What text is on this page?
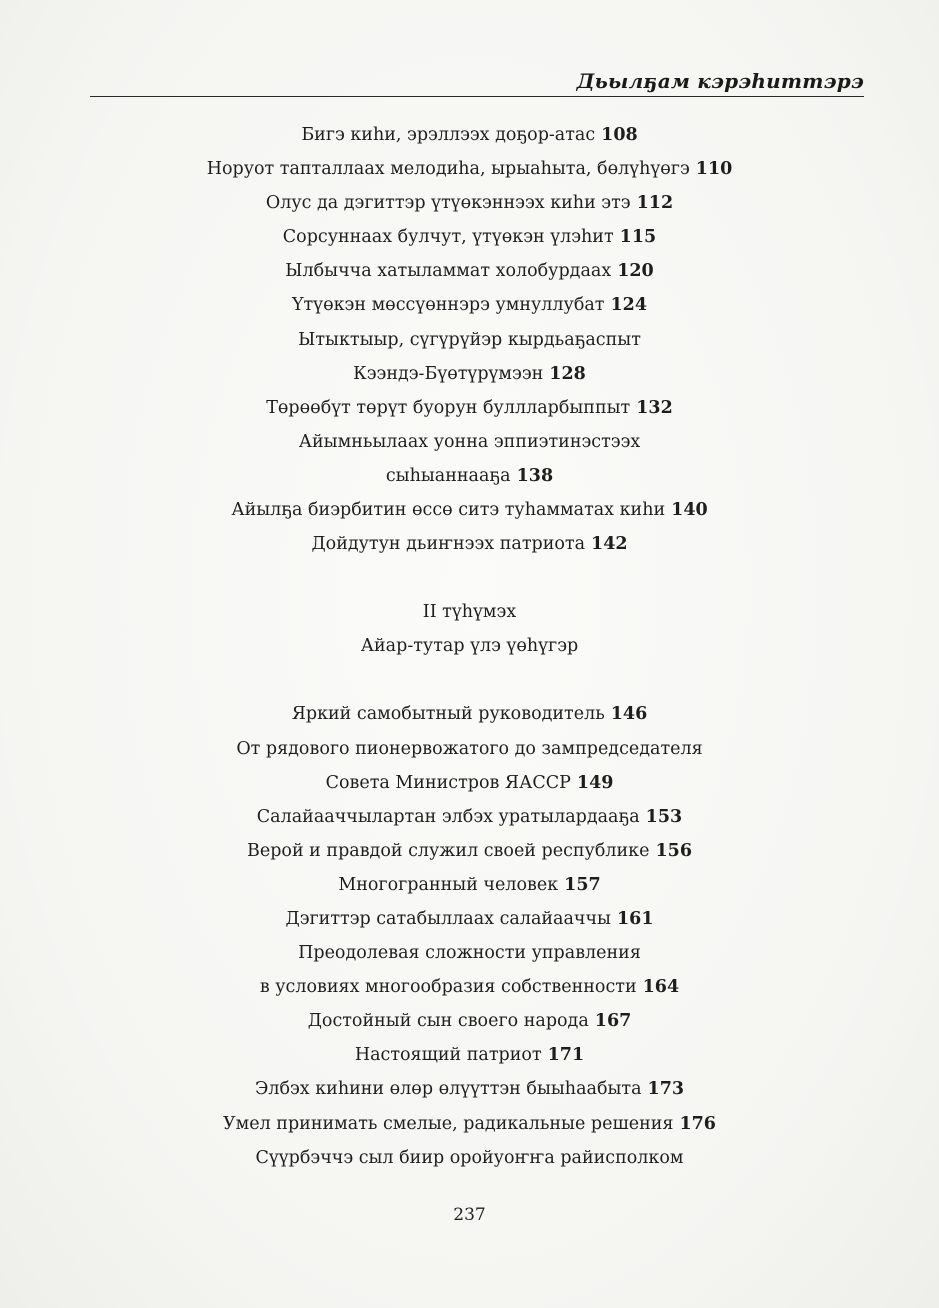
Дьылҕам кэрэһиттэрэ
Бигэ киһи, эрэллээх доҕор-атас 108
Норуот тапталлаах мелодиһа, ырыаһыта, бөлүһүөгэ 110
Олус да дэгиттэр үтүөкэннээх киһи этэ 112
Сорсуннаах булчут, үтүөкэн үлэһит 115
Ылбычча хатыламмат холобурдаах 120
Үтүөкэн мөссүөннэрэ умнуллубат 124
Ытыктыыр, сүгүрүйэр кырдьаҕаспыт
Кээндэ-Бүөтүрүмээн 128
Төрөөбүт төрүт буорун буллларбыппыт 132
Айымньылаах уонна эппиэтинэстээх
сыһыаннааҕа 138
Айылҕа биэрбитин өссө ситэ туһамматах киһи 140
Дойдутун дьиҥнээх патриота 142
II түһүмэх
Айар-тутар үлэ үөһүгэр
Яркий самобытный руководитель 146
От рядового пионервожатого до зампредседателя
Совета Министров ЯАССР 149
Салайааччылартан элбэх уратылардааҕа 153
Верой и правдой служил своей республике 156
Многогранный человек 157
Дэгиттэр сатабыллаах салайааччы 161
Преодолевая сложности управления
в условиях многообразия собственности 164
Достойный сын своего народа 167
Настоящий патриот 171
Элбэх киһини өлөр өлүүттэн быыһаабыта 173
Умел принимать смелые, радикальные решения 176
Сүүрбэччэ сыл биир оройуоҥҥа райисполком
237
